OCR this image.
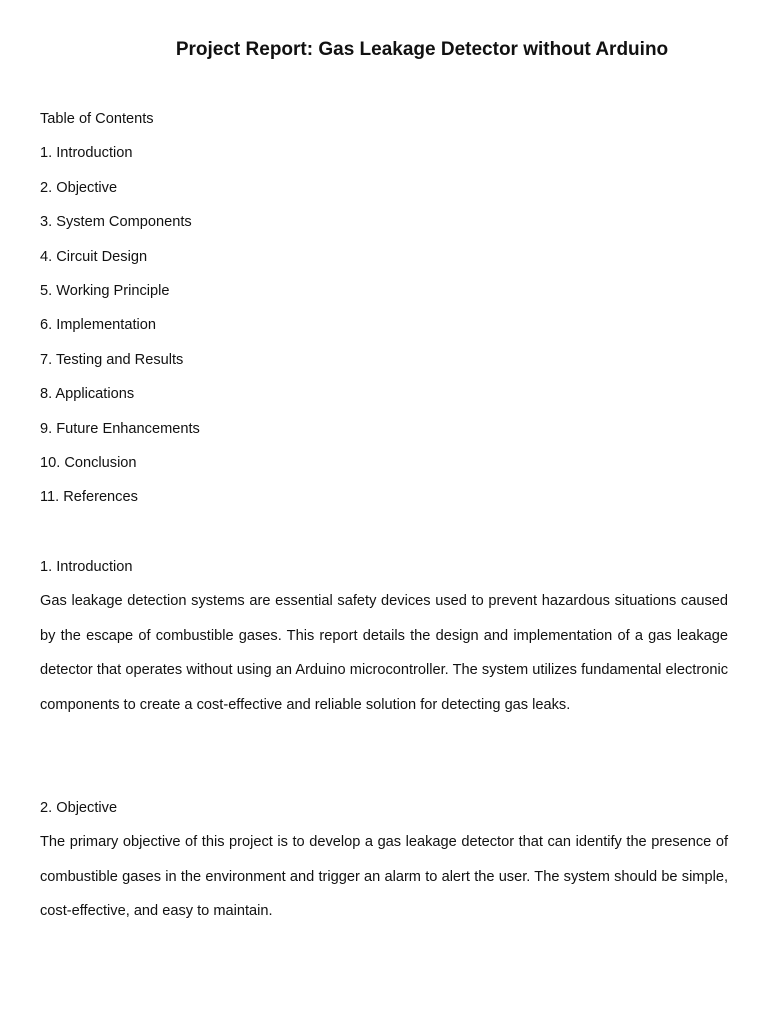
Project Report: Gas Leakage Detector without Arduino

Table of Contents

1. Introduction

2. Objective

3. System Components

4. Circuit Design

5. Working Principle

6. Implementation

7. Testing and Results

8. Applications

9. Future Enhancements

10. Conclusion

11. References

1. Introduction

Gas leakage detection systems are essential safety devices used to prevent hazardous situations caused by the escape of combustible gases. This report details the design and implementation of a gas leakage detector that operates without using an Arduino microcontroller. The system utilizes fundamental electronic components to create a cost-effective and reliable solution for detecting gas leaks.

2. Objective

The primary objective of this project is to develop a gas leakage detector that can identify the presence of combustible gases in the environment and trigger an alarm to alert the user. The system should be simple, cost-effective, and easy to maintain.
